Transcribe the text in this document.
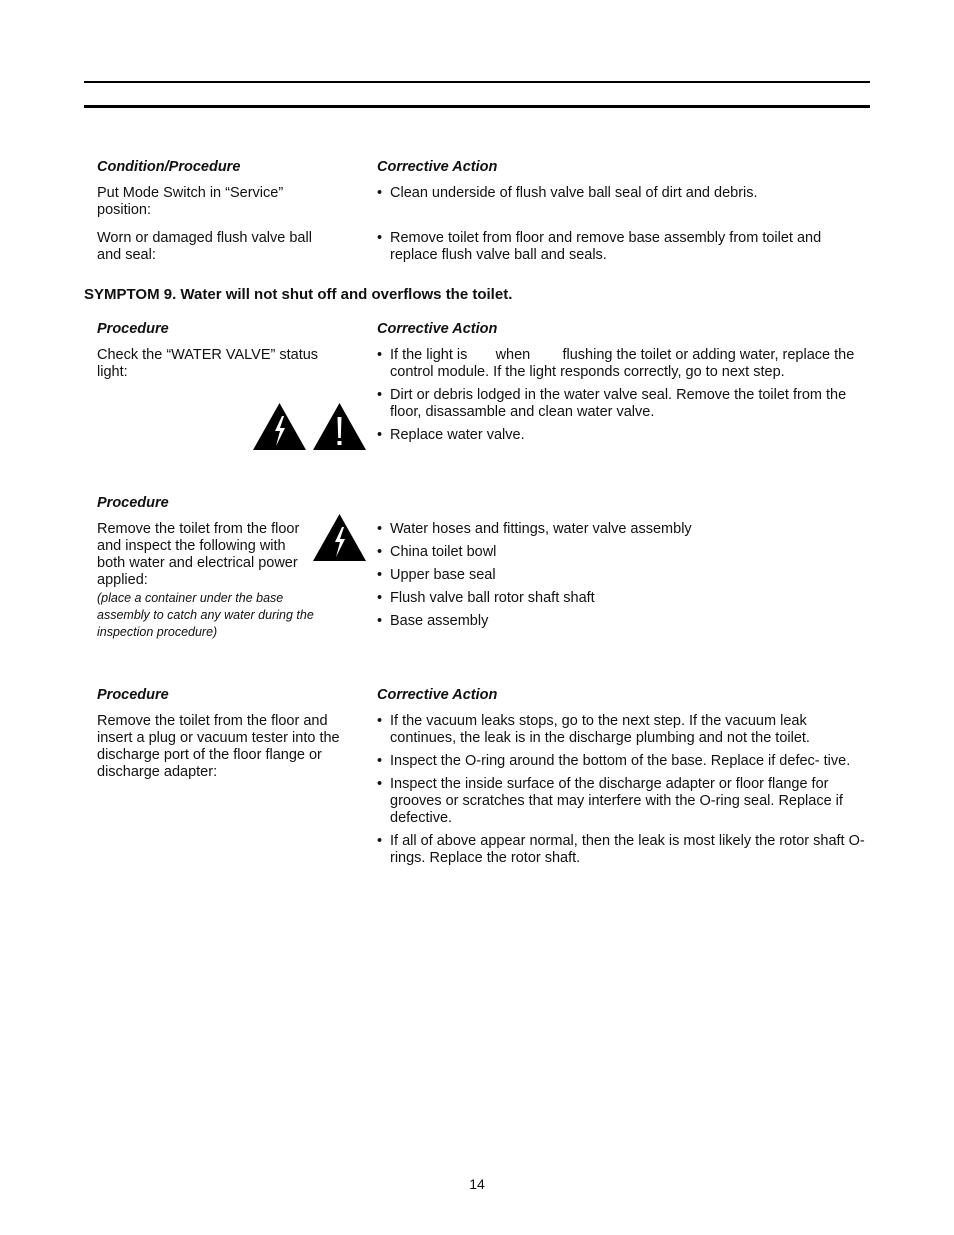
Condition/Procedure	Corrective Action
Put Mode Switch in “Service” position:
• Clean underside of flush valve ball seal of dirt and debris.
Worn or damaged flush valve ball and seal:
• Remove toilet from floor and remove base assembly from toilet and replace flush valve ball and seals.
SYMPTOM 9. Water will not shut off and overflows the toilet.
Procedure	Corrective Action
Check the “WATER VALVE” status light:
• If the light is       when        flushing the toilet or adding water, replace the control module. If the light responds correctly, go to next step.
• Dirt or debris lodged in the water valve seal. Remove the toilet from the floor, disassamble and clean water valve.
• Replace water valve.
Procedure
Remove the toilet from the floor and inspect the following with both water and electrical power applied:
(place a container under the base assembly to catch any water during the inspection procedure)
• Water hoses and fittings, water valve assembly
• China toilet bowl
• Upper base seal
• Flush valve ball rotor shaft shaft
• Base assembly
Procedure	Corrective Action
Remove the toilet from the floor and insert a plug or vacuum tester into the discharge port of the floor flange or discharge adapter:
• If the vacuum leaks stops, go to the next step. If the vacuum leak continues, the leak is in the discharge plumbing and not the toilet.
• Inspect the O-ring around the bottom of the base. Replace if defec- tive.
• Inspect the inside surface of the discharge adapter or floor flange for grooves or scratches that may interfere with the O-ring seal. Replace if defective.
• If all of above appear normal, then the leak is most likely the rotor shaft O-rings. Replace the rotor shaft.
14
